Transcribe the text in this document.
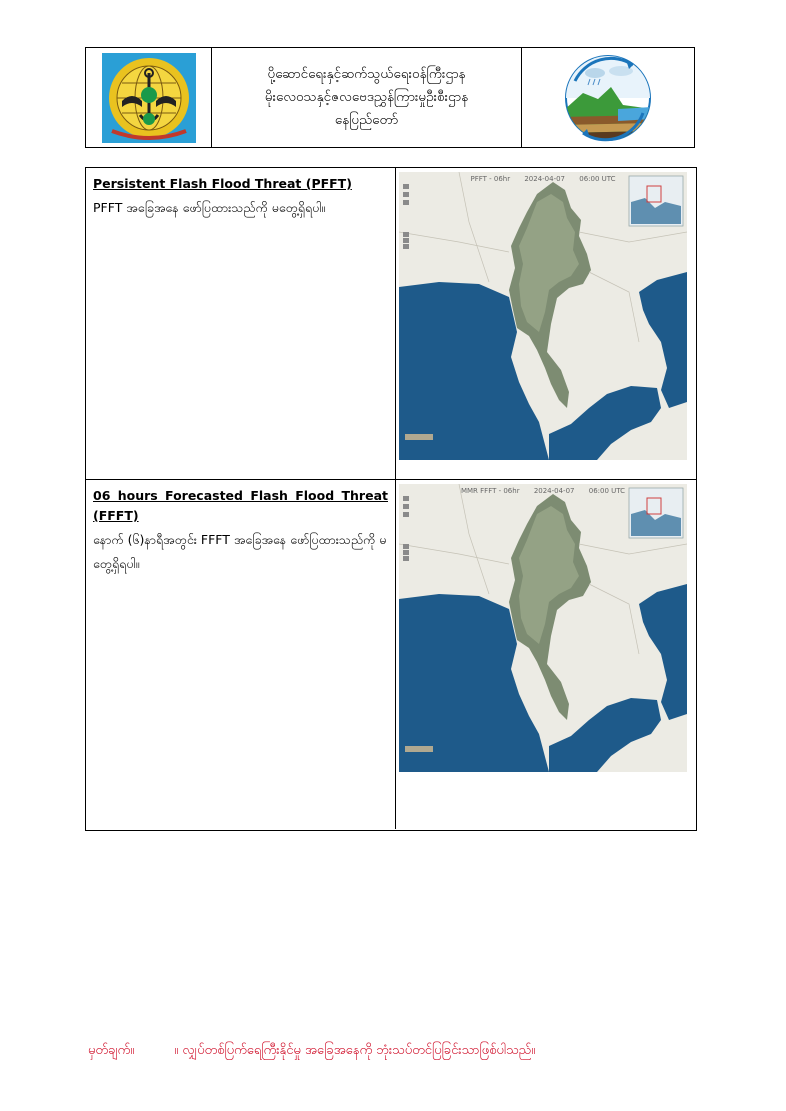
ပို့ဆောင်ရေးနှင့်ဆက်သွယ်ရေးဝန်ကြီးဌာန
မိုးလေဝသနှင့်ဇလဗေဒညွှန်ကြားမှုဦးစီးဌာန
နေပြည်တော်
Persistent Flash Flood Threat (PFFT)
PFFT အခြေအနေ ဖော်ပြထားသည်ကို မတွေ့ရှိရပါ။
PFFT - 06hr 2024-04-07 06:00 UTC
06 hours Forecasted Flash Flood Threat (FFFT)
နောက် (၆)နာရီအတွင်း FFFT အခြေအနေ ဖော်ပြထားသည်ကို မတွေ့ရှိရပါ။
MMR FFFT - 06hr 2024-04-07 06:00 UTC
မှတ်ချက်။	။ လျှပ်တစ်ပြက်ရေကြီးနိုင်မှု အခြေအနေကို ဘုံးသပ်တင်ပြခြင်းသာဖြစ်ပါသည်။
